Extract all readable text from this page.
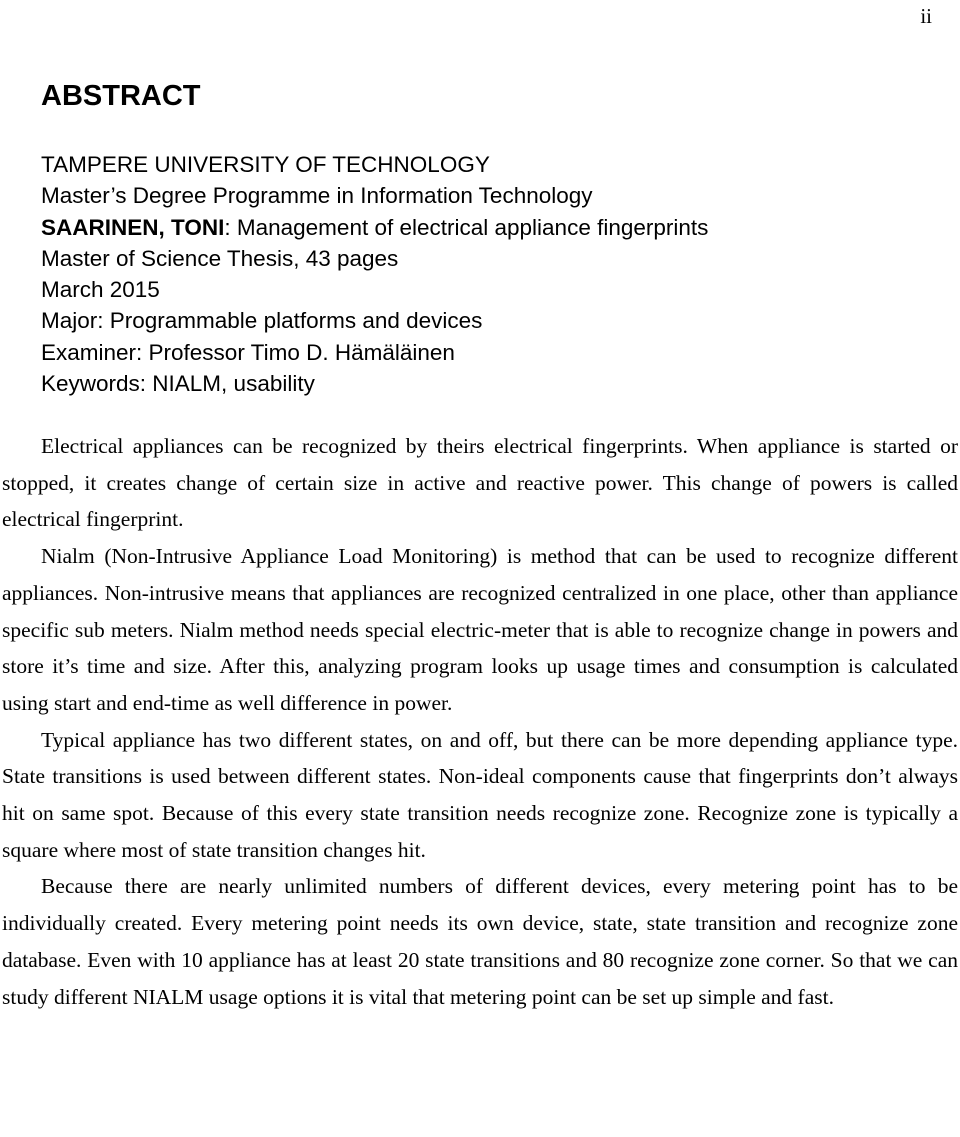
ii
ABSTRACT
TAMPERE UNIVERSITY OF TECHNOLOGY
Master’s Degree Programme in Information Technology
SAARINEN, TONI: Management of electrical appliance fingerprints
Master of Science Thesis, 43 pages
March 2015
Major: Programmable platforms and devices
Examiner: Professor Timo D. Hämäläinen
Keywords: NIALM, usability

Electrical appliances can be recognized by theirs electrical fingerprints. When appliance is started or stopped, it creates change of certain size in active and reactive power. This change of powers is called electrical fingerprint.

Nialm (Non-Intrusive Appliance Load Monitoring) is method that can be used to recognize different appliances. Non-intrusive means that appliances are recognized centralized in one place, other than appliance specific sub meters. Nialm method needs special electric-meter that is able to recognize change in powers and store it’s time and size. After this, analyzing program looks up usage times and consumption is calculated using start and end-time as well difference in power.

Typical appliance has two different states, on and off, but there can be more depending appliance type. State transitions is used between different states. Non-ideal components cause that fingerprints don’t always hit on same spot. Because of this every state transition needs recognize zone. Recognize zone is typically a square where most of state transition changes hit.

Because there are nearly unlimited numbers of different devices, every metering point has to be individually created. Every metering point needs its own device, state, state transition and recognize zone database. Even with 10 appliance has at least 20 state transitions and 80 recognize zone corner. So that we can study different NIALM usage options it is vital that metering point can be set up simple and fast.
